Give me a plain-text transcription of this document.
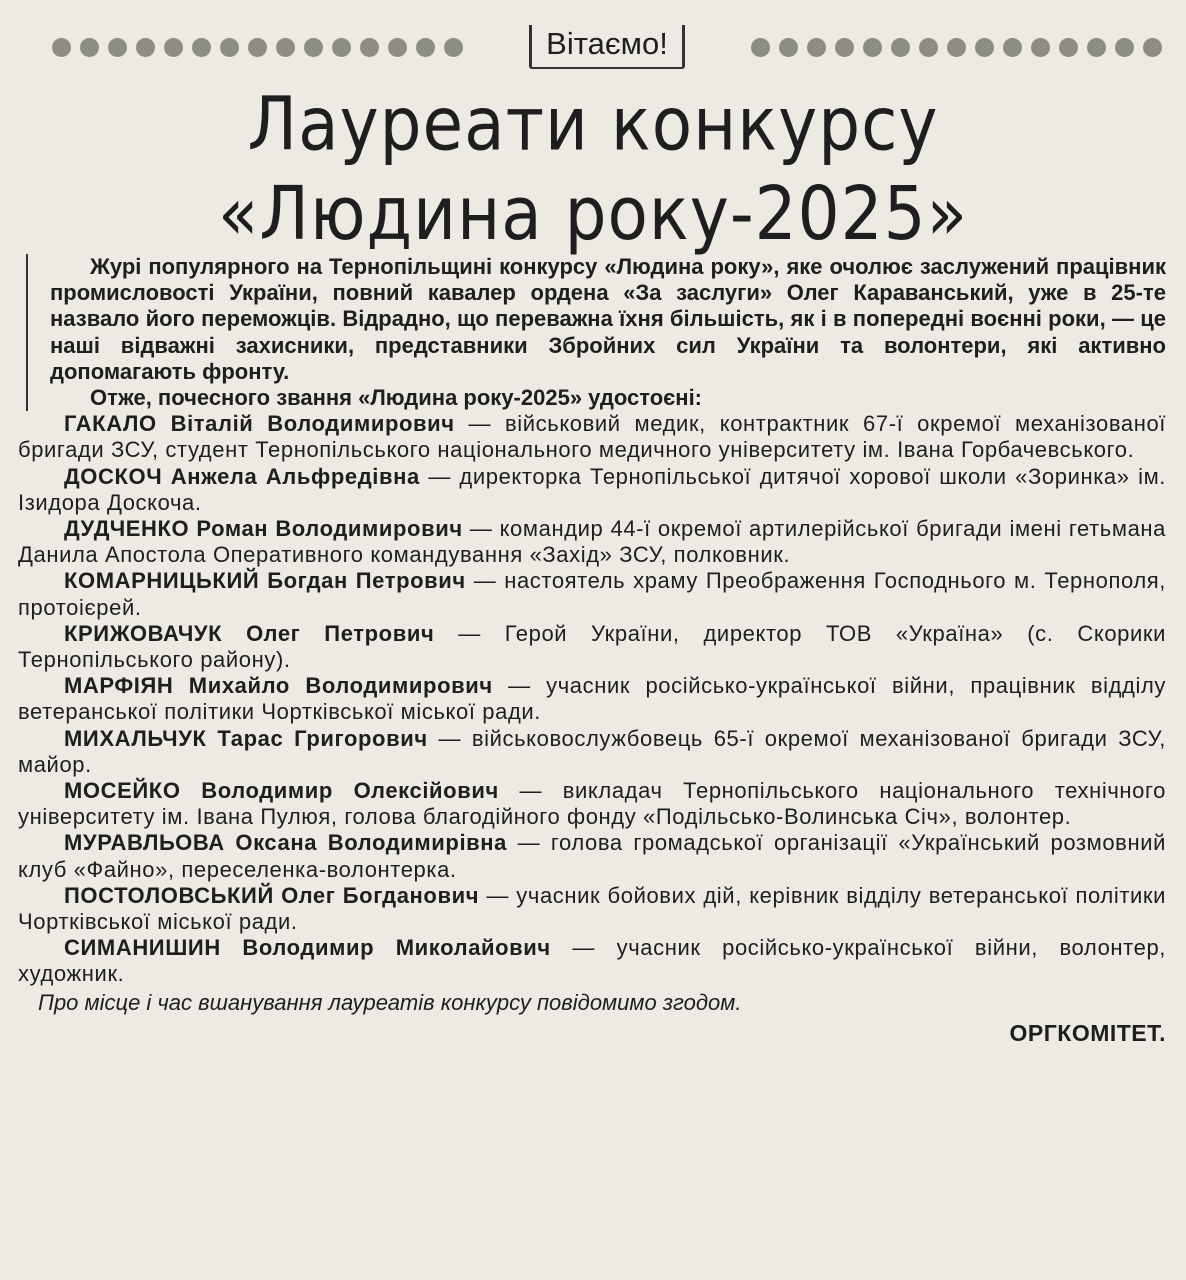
Вітаємо!
Лауреати конкурсу
«Людина року-2025»

Журі популярного на Тернопільщині конкурсу «Людина року», яке очолює заслужений працівник промисловості України, повний кавалер ордена «За заслуги» Олег Караванський, уже в 25-те назвало його переможців. Відрадно, що переважна їхня більшість, як і в попередні воєнні роки, — це наші відважні захисники, представники Збройних сил України та волонтери, які активно допомагають фронту.

Отже, почесного звання «Людина року-2025» удостоєні:

ГАКАЛО Віталій Володимирович — військовий медик, контрактник 67-ї окремої механізованої бригади ЗСУ, студент Тернопільського національного медичного університету ім. Івана Горбачевського.

ДОСКОЧ Анжела Альфредівна — директорка Тернопільської дитячої хорової школи «Зоринка» ім. Ізидора Доскоча.

ДУДЧЕНКО Роман Володимирович — командир 44-ї окремої артилерійської бригади імені гетьмана Данила Апостола Оперативного командування «Захід» ЗСУ, полковник.

КОМАРНИЦЬКИЙ Богдан Петрович — настоятель храму Преображення Господнього м. Тернополя, протоієрей.

КРИЖОВАЧУК Олег Петрович — Герой України, директор ТОВ «Україна» (с. Скорики Тернопільського району).

МАРФІЯН Михайло Володимирович — учасник російсько-української війни, працівник відділу ветеранської політики Чортківської міської ради.

МИХАЛЬЧУК Тарас Григорович — військовослужбовець 65-ї окремої механізованої бригади ЗСУ, майор.

МОСЕЙКО Володимир Олексійович — викладач Тернопільського національного технічного університету ім. Івана Пулюя, голова благодійного фонду «Подільсько-Волинська Січ», волонтер.

МУРАВЛЬОВА Оксана Володимирівна — голова громадської організації «Український розмовний клуб «Файно», переселенка-волонтерка.

ПОСТОЛОВСЬКИЙ Олег Богданович — учасник бойових дій, керівник відділу ветеранської політики Чортківської міської ради.

СИМАНИШИН Володимир Миколайович — учасник російсько-української війни, волонтер, художник.

Про місце і час вшанування лауреатів конкурсу повідомимо згодом.

ОРГКОМІТЕТ.
